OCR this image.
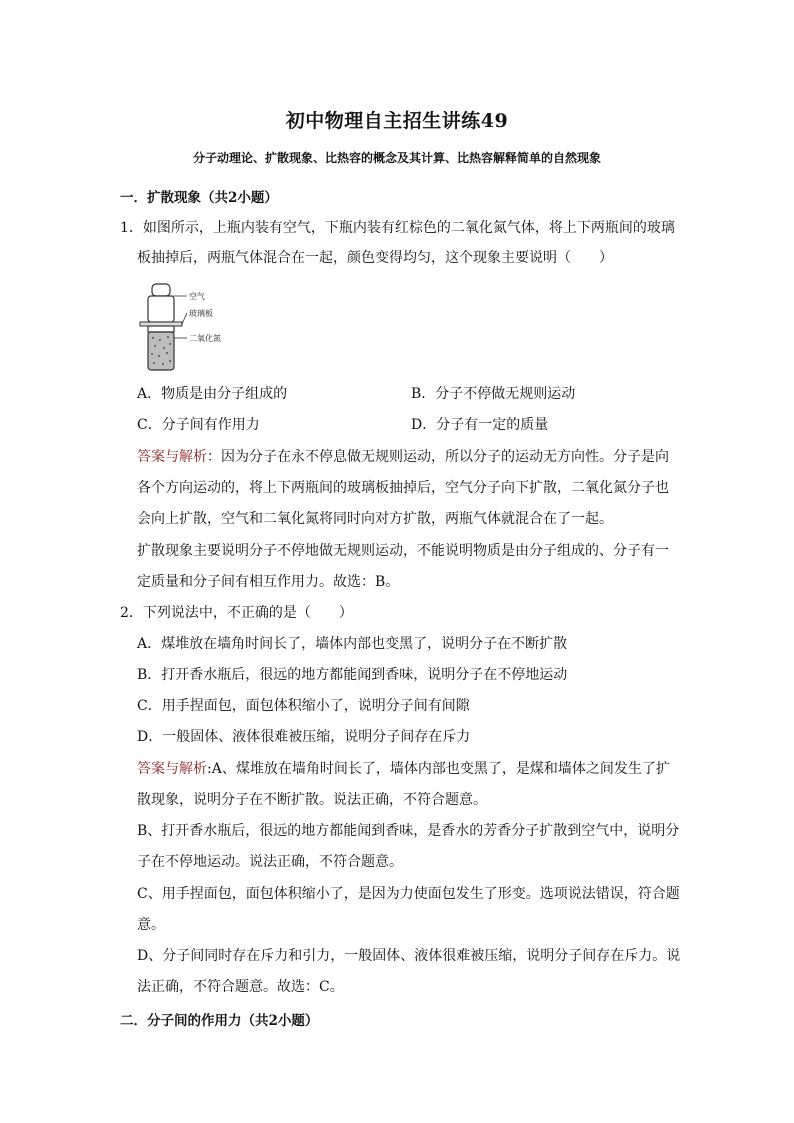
初中物理自主招生讲练49
分子动理论、扩散现象、比热容的概念及其计算、比热容解释简单的自然现象
一．扩散现象（共2小题）
1．如图所示，上瓶内装有空气，下瓶内装有红棕色的二氧化氮气体，将上下两瓶间的玻璃
板抽掉后，两瓶气体混合在一起，颜色变得均匀，这个现象主要说明（　　）
空气
玻璃板
二氧化氮
A．物质是由分子组成的	B．分子不停做无规则运动
C．分子间有作用力	D．分子有一定的质量
答案与解析：因为分子在永不停息做无规则运动，所以分子的运动无方向性。分子是向
各个方向运动的，将上下两瓶间的玻璃板抽掉后，空气分子向下扩散，二氧化氮分子也
会向上扩散，空气和二氧化氮将同时向对方扩散，两瓶气体就混合在了一起。
扩散现象主要说明分子不停地做无规则运动，不能说明物质是由分子组成的、分子有一
定质量和分子间有相互作用力。故选：B。
2．下列说法中，不正确的是（　　）
A．煤堆放在墙角时间长了，墙体内部也变黑了，说明分子在不断扩散
B．打开香水瓶后，很远的地方都能闻到香味，说明分子在不停地运动
C．用手捏面包，面包体积缩小了，说明分子间有间隙
D．一般固体、液体很难被压缩，说明分子间存在斥力
答案与解析:A、煤堆放在墙角时间长了，墙体内部也变黑了，是煤和墙体之间发生了扩
散现象，说明分子在不断扩散。说法正确，不符合题意。
B、打开香水瓶后，很远的地方都能闻到香味，是香水的芳香分子扩散到空气中，说明分
子在不停地运动。说法正确，不符合题意。
C、用手捏面包，面包体积缩小了，是因为力使面包发生了形变。选项说法错误，符合题
意。
D、分子间同时存在斥力和引力，一般固体、液体很难被压缩，说明分子间存在斥力。说
法正确，不符合题意。故选：C。
二．分子间的作用力（共2小题）
